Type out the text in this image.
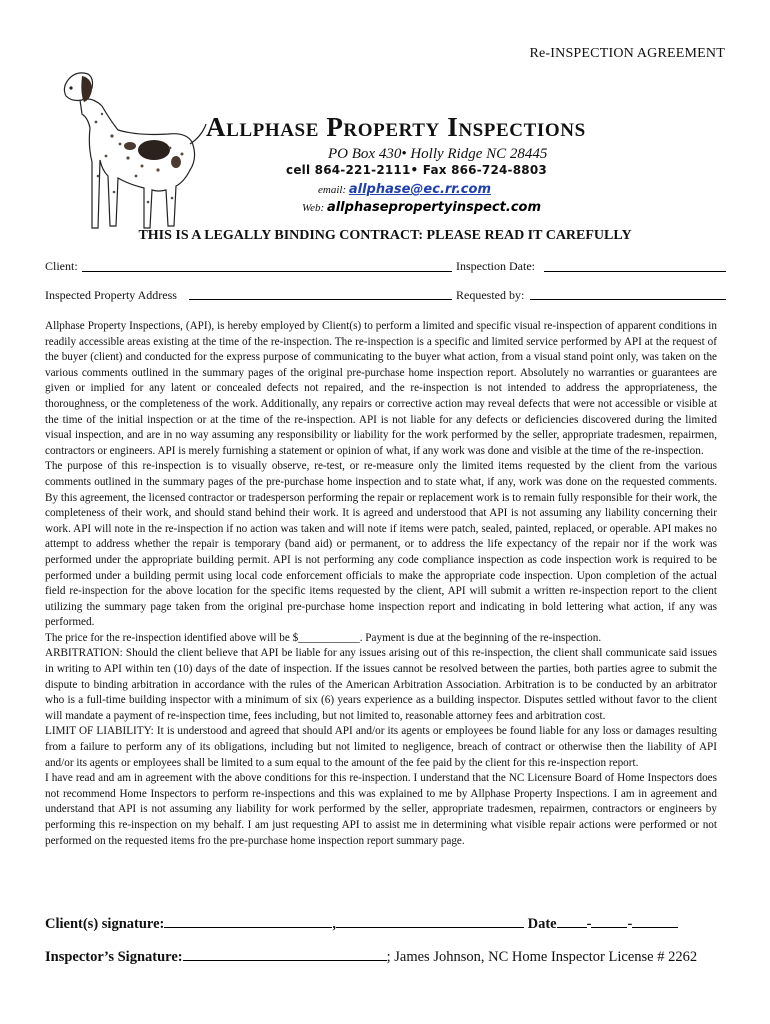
Re-INSPECTION AGREEMENT
Allphase Property Inspections
PO Box 430• Holly Ridge NC 28445
cell 864-221-2111• Fax 866-724-8803
email: allphase@ec.rr.com
Web: allphasepropertyinspect.com
THIS IS A LEGALLY BINDING CONTRACT: PLEASE READ IT CAREFULLY
Client:	Inspection Date:
Inspected Property Address	Requested by:

Allphase Property Inspections, (API), is hereby employed by Client(s) to perform a limited and specific visual re-inspection of apparent conditions in readily accessible areas existing at the time of the re-inspection. The re-inspection is a specific and limited service performed by API at the request of the buyer (client) and conducted for the express purpose of communicating to the buyer what action, from a visual stand point only, was taken on the various comments outlined in the summary pages of the original pre-purchase home inspection report. Absolutely no warranties or guarantees are given or implied for any latent or concealed defects not repaired, and the re-inspection is not intended to address the appropriateness, the thoroughness, or the completeness of the work. Additionally, any repairs or corrective action may reveal defects that were not accessible or visible at the time of the initial inspection or at the time of the re-inspection. API is not liable for any defects or deficiencies discovered during the limited visual inspection, and are in no way assuming any responsibility or liability for the work performed by the seller, appropriate tradesmen, repairmen, contractors or engineers. API is merely furnishing a statement or opinion of what, if any work was done and visible at the time of the re-inspection.

The purpose of this re-inspection is to visually observe, re-test, or re-measure only the limited items requested by the client from the various comments outlined in the summary pages of the pre-purchase home inspection and to state what, if any, work was done on the requested comments. By this agreement, the licensed contractor or tradesperson performing the repair or replacement work is to remain fully responsible for their work, the completeness of their work, and should stand behind their work. It is agreed and understood that API is not assuming any liability concerning their work. API will note in the re-inspection if no action was taken and will note if items were patch, sealed, painted, replaced, or operable. API makes no attempt to address whether the repair is temporary (band aid) or permanent, or to address the life expectancy of the repair nor if the work was performed under the appropriate building permit. API is not performing any code compliance inspection as code inspection work is required to be performed under a building permit using local code enforcement officials to make the appropriate code inspection. Upon completion of the actual field re-inspection for the above location for the specific items requested by the client, API will submit a written re-inspection report to the client utilizing the summary page taken from the original pre-purchase home inspection report and indicating in bold lettering what action, if any was performed.

The price for the re-inspection identified above will be $___________. Payment is due at the beginning of the re-inspection.

ARBITRATION: Should the client believe that API be liable for any issues arising out of this re-inspection, the client shall communicate said issues in writing to API within ten (10) days of the date of inspection. If the issues cannot be resolved between the parties, both parties agree to submit the dispute to binding arbitration in accordance with the rules of the American Arbitration Association. Arbitration is to be conducted by an arbitrator who is a full-time building inspector with a minimum of six (6) years experience as a building inspector. Disputes settled without favor to the client will mandate a payment of re-inspection time, fees including, but not limited to, reasonable attorney fees and arbitration cost.

LIMIT OF LIABILITY: It is understood and agreed that should API and/or its agents or employees be found liable for any loss or damages resulting from a failure to perform any of its obligations, including but not limited to negligence, breach of contract or otherwise then the liability of API and/or its agents or employees shall be limited to a sum equal to the amount of the fee paid by the client for this re-inspection report.

I have read and am in agreement with the above conditions for this re-inspection. I understand that the NC Licensure Board of Home Inspectors does not recommend Home Inspectors to perform re-inspections and this was explained to me by Allphase Property Inspections. I am in agreement and understand that API is not assuming any liability for work performed by the seller, appropriate tradesmen, repairmen, contractors or engineers by performing this re-inspection on my behalf. I am just requesting API to assist me in determining what visible repair actions were performed or not performed on the requested items fro the pre-purchase home inspection report summary page.

Client(s) signature:	,	Date - -
Inspector’s Signature:	; James Johnson, NC Home Inspector License # 2262
